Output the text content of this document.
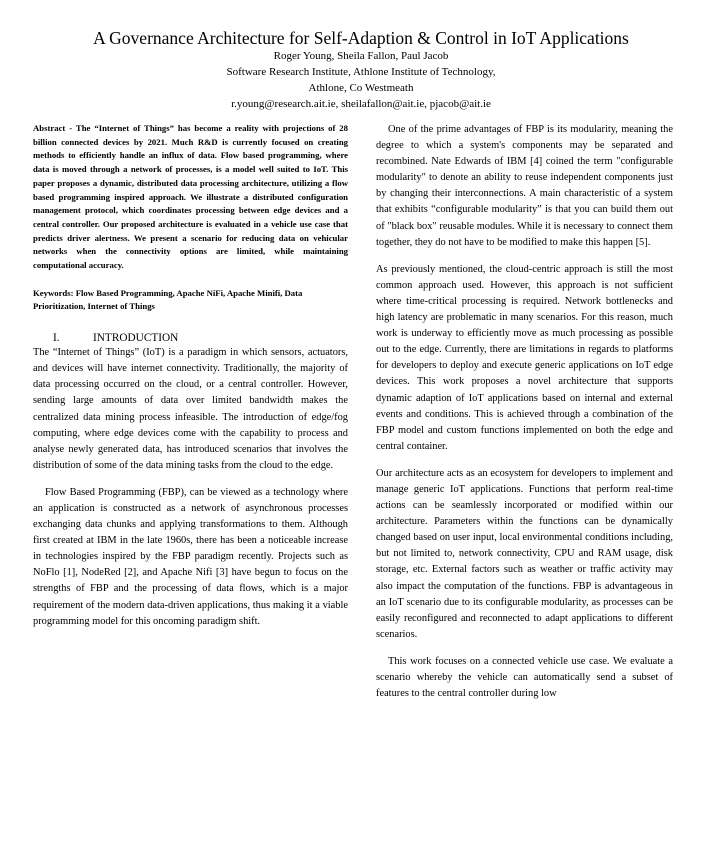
A Governance Architecture for Self-Adaption & Control in IoT Applications
Roger Young, Sheila Fallon, Paul Jacob
Software Research Institute, Athlone Institute of Technology,
Athlone, Co Westmeath
r.young@research.ait.ie, sheilafallon@ait.ie, pjacob@ait.ie

Abstract - The “Internet of Things” has become a reality with projections of 28 billion connected devices by 2021. Much R&D is currently focused on creating methods to efficiently handle an influx of data. Flow based programming, where data is moved through a network of processes, is a model well suited to IoT. This paper proposes a dynamic, distributed data processing architecture, utilizing a flow based programming inspired approach. We illustrate a distributed configuration management protocol, which coordinates processing between edge devices and a central controller. Our proposed architecture is evaluated in a vehicle use case that predicts driver alertness. We present a scenario for reducing data on vehicular networks when the connectivity options are limited, while maintaining computational accuracy.

Keywords: Flow Based Programming, Apache NiFi, Apache Minifi, Data Prioritization, Internet of Things

I.	INTRODUCTION

The “Internet of Things” (IoT) is a paradigm in which sensors, actuators, and devices will have internet connectivity. Traditionally, the majority of data processing occurred on the cloud, or a central controller. However, sending large amounts of data over limited bandwidth makes the centralized data mining process infeasible. The introduction of edge/fog computing, where edge devices come with the capability to process and analyse newly generated data, has introduced scenarios that involves the distribution of some of the data mining tasks from the cloud to the edge.

Flow Based Programming (FBP), can be viewed as a technology where an application is constructed as a network of asynchronous processes exchanging data chunks and applying transformations to them. Although first created at IBM in the late 1960s, there has been a noticeable increase in technologies inspired by the FBP paradigm recently. Projects such as NoFlo [1], NodeRed [2], and Apache Nifi [3] have begun to focus on the strengths of FBP and the processing of data flows, which is a major requirement of the modern data-driven applications, thus making it a viable programming model for this oncoming paradigm shift.

One of the prime advantages of FBP is its modularity, meaning the degree to which a system's components may be separated and recombined. Nate Edwards of IBM [4] coined the term "configurable modularity" to denote an ability to reuse independent components just by changing their interconnections. A main characteristic of a system that exhibits “configurable modularity” is that you can build them out of "black box" reusable modules. While it is necessary to connect them together, they do not have to be modified to make this happen [5].

As previously mentioned, the cloud-centric approach is still the most common approach used. However, this approach is not sufficient where time-critical processing is required. Network bottlenecks and high latency are problematic in many scenarios. For this reason, much work is underway to efficiently move as much processing as possible out to the edge. Currently, there are limitations in regards to platforms for developers to deploy and execute generic applications on IoT edge devices. This work proposes a novel architecture that supports dynamic adaption of IoT applications based on internal and external events and conditions. This is achieved through a combination of the FBP model and custom functions implemented on both the edge and central container.

Our architecture acts as an ecosystem for developers to implement and manage generic IoT applications. Functions that perform real-time actions can be seamlessly incorporated or modified within our architecture. Parameters within the functions can be dynamically changed based on user input, local environmental conditions including, but not limited to, network connectivity, CPU and RAM usage, disk storage, etc. External factors such as weather or traffic activity may also impact the computation of the functions. FBP is advantageous in an IoT scenario due to its configurable modularity, as processes can be easily reconfigured and reconnected to adapt applications to different scenarios.

This work focuses on a connected vehicle use case. We evaluate a scenario whereby the vehicle can automatically send a subset of features to the central controller during low
